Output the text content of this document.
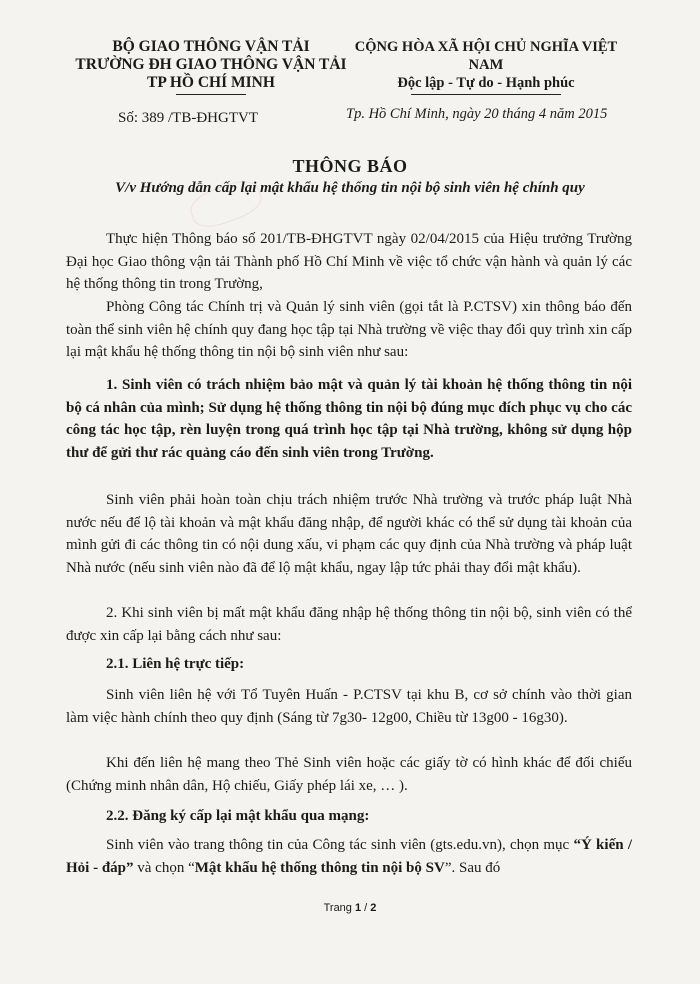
BỘ GIAO THÔNG VẬN TẢI
TRƯỜNG ĐH GIAO THÔNG VẬN TẢI
TP HỒ CHÍ MINH
CỘNG HÒA XÃ HỘI CHỦ NGHĨA VIỆT NAM
Độc lập - Tự do - Hạnh phúc
Số: 389 /TB-ĐHGTVT	Tp. Hồ Chí Minh, ngày 20 tháng 4 năm 2015
THÔNG BÁO
V/v Hướng dẫn cấp lại mật khẩu hệ thống tin nội bộ sinh viên hệ chính quy

Thực hiện Thông báo số 201/TB-ĐHGTVT ngày 02/04/2015 của Hiệu trưởng Trường Đại học Giao thông vận tải Thành phố Hồ Chí Minh về việc tổ chức vận hành và quản lý các hệ thống thông tin trong Trường,

Phòng Công tác Chính trị và Quản lý sinh viên (gọi tắt là P.CTSV) xin thông báo đến toàn thể sinh viên hệ chính quy đang học tập tại Nhà trường về việc thay đổi quy trình xin cấp lại mật khẩu hệ thống thông tin nội bộ sinh viên như sau:

1. Sinh viên có trách nhiệm bảo mật và quản lý tài khoản hệ thống thông tin nội bộ cá nhân của mình; Sử dụng hệ thống thông tin nội bộ đúng mục đích phục vụ cho các công tác học tập, rèn luyện trong quá trình học tập tại Nhà trường, không sử dụng hộp thư để gửi thư rác quảng cáo đến sinh viên trong Trường.

Sinh viên phải hoàn toàn chịu trách nhiệm trước Nhà trường và trước pháp luật Nhà nước nếu để lộ tài khoản và mật khẩu đăng nhập, để người khác có thể sử dụng tài khoản của mình gửi đi các thông tin có nội dung xấu, vi phạm các quy định của Nhà trường và pháp luật Nhà nước (nếu sinh viên nào đã để lộ mật khẩu, ngay lập tức phải thay đổi mật khẩu).

2. Khi sinh viên bị mất mật khẩu đăng nhập hệ thống thông tin nội bộ, sinh viên có thể được xin cấp lại bằng cách như sau:

2.1. Liên hệ trực tiếp:

Sinh viên liên hệ với Tổ Tuyên Huấn - P.CTSV tại khu B, cơ sở chính vào thời gian làm việc hành chính theo quy định (Sáng từ 7g30- 12g00, Chiều từ 13g00 - 16g30).

Khi đến liên hệ mang theo Thẻ Sinh viên hoặc các giấy tờ có hình khác để đối chiếu (Chứng minh nhân dân, Hộ chiếu, Giấy phép lái xe, … ).

2.2. Đăng ký cấp lại mật khẩu qua mạng:

Sinh viên vào trang thông tin của Công tác sinh viên (gts.edu.vn), chọn mục “Ý kiến / Hỏi - đáp” và chọn “Mật khẩu hệ thống thông tin nội bộ SV”. Sau đó

Trang 1 / 2
